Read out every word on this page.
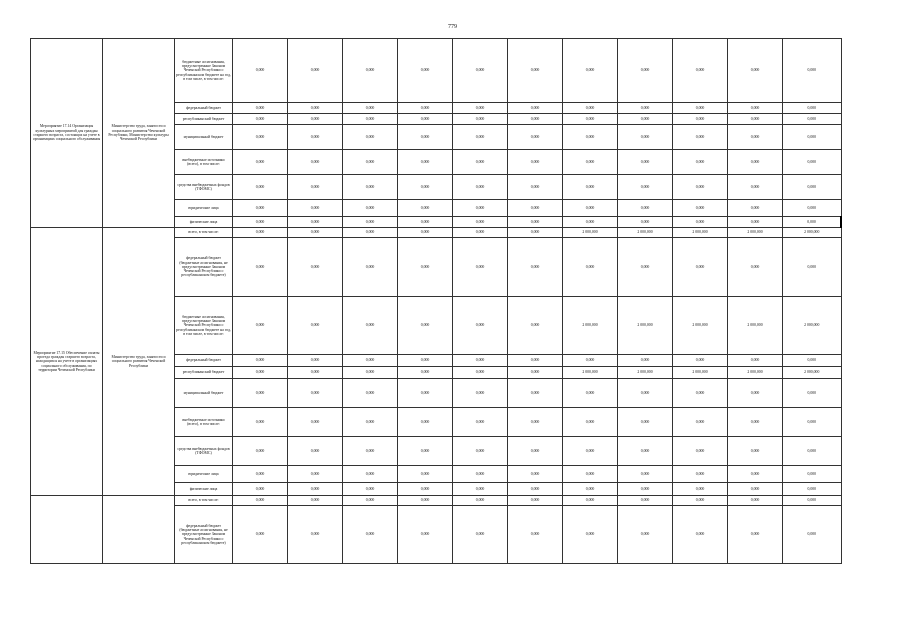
779
Мероприятие 17.14 Организация культурных мероприятий для граждан старшего возраста, состоящих на учете в организациях социального обслуживания	Министерство труда, занятости и социального развития Чеченской Республики, Министерство культуры Чеченской Республики	бюджетные ассигнования, предусмотренные Законом Чеченской Республики о республиканском бюджете на год, в том числе, в том числе:	0,000	0,000	0,000	0,000	0,000	0,000	0,000	0,000	0,000	0,000	0,000
		федеральный бюджет	0,000	0,000	0,000	0,000	0,000	0,000	0,000	0,000	0,000	0,000	0,000
		республиканский бюджет	0,000	0,000	0,000	0,000	0,000	0,000	0,000	0,000	0,000	0,000	0,000
		муниципальный бюджет	0,000	0,000	0,000	0,000	0,000	0,000	0,000	0,000	0,000	0,000	0,000
		внебюджетные источники (всего), в том числе:	0,000	0,000	0,000	0,000	0,000	0,000	0,000	0,000	0,000	0,000	0,000
		средства внебюджетных фондов (ТФОМС)	0,000	0,000	0,000	0,000	0,000	0,000	0,000	0,000	0,000	0,000	0,000
		юридические лица	0,000	0,000	0,000	0,000	0,000	0,000	0,000	0,000	0,000	0,000	0,000
		физические лица	0,000	0,000	0,000	0,000	0,000	0,000	0,000	0,000	0,000	0,000	0,000
Мероприятие 17.15 Обеспечение оплаты проезда граждан старшего возраста, находящихся на учете в организациях социального обслуживания, по территории Чеченской Республики	Министерство труда, занятости и социального развития Чеченской Республики	всего, в том числе:	0,000	0,000	0,000	0,000	0,000	0,000	2 000,000	2 000,000	2 000,000	2 000,000	2 000,000
		федеральный бюджет (бюджетные ассигнования, не предусмотренные Законом Чеченской Республики о республиканском бюджете)	0,000	0,000	0,000	0,000	0,000	0,000	0,000	0,000	0,000	0,000	0,000
		бюджетные ассигнования, предусмотренные Законом Чеченской Республики о республиканском бюджете на год, в том числе, в том числе:	0,000	0,000	0,000	0,000	0,000	0,000	2 000,000	2 000,000	2 000,000	2 000,000	2 000,000
		федеральный бюджет	0,000	0,000	0,000	0,000	0,000	0,000	0,000	0,000	0,000	0,000	0,000
		республиканский бюджет	0,000	0,000	0,000	0,000	0,000	0,000	2 000,000	2 000,000	2 000,000	2 000,000	2 000,000
		муниципальный бюджет	0,000	0,000	0,000	0,000	0,000	0,000	0,000	0,000	0,000	0,000	0,000
		внебюджетные источники (всего), в том числе:	0,000	0,000	0,000	0,000	0,000	0,000	0,000	0,000	0,000	0,000	0,000
		средства внебюджетных фондов (ТФОМС)	0,000	0,000	0,000	0,000	0,000	0,000	0,000	0,000	0,000	0,000	0,000
		юридические лица	0,000	0,000	0,000	0,000	0,000	0,000	0,000	0,000	0,000	0,000	0,000
		физические лица	0,000	0,000	0,000	0,000	0,000	0,000	0,000	0,000	0,000	0,000	0,000
		всего, в том числе:	0,000	0,000	0,000	0,000	0,000	0,000	0,000	0,000	0,000	0,000	0,000
		федеральный бюджет (бюджетные ассигнования, не предусмотренные Законом Чеченской Республики о республиканском бюджете)	0,000	0,000	0,000	0,000	0,000	0,000	0,000	0,000	0,000	0,000	0,000
